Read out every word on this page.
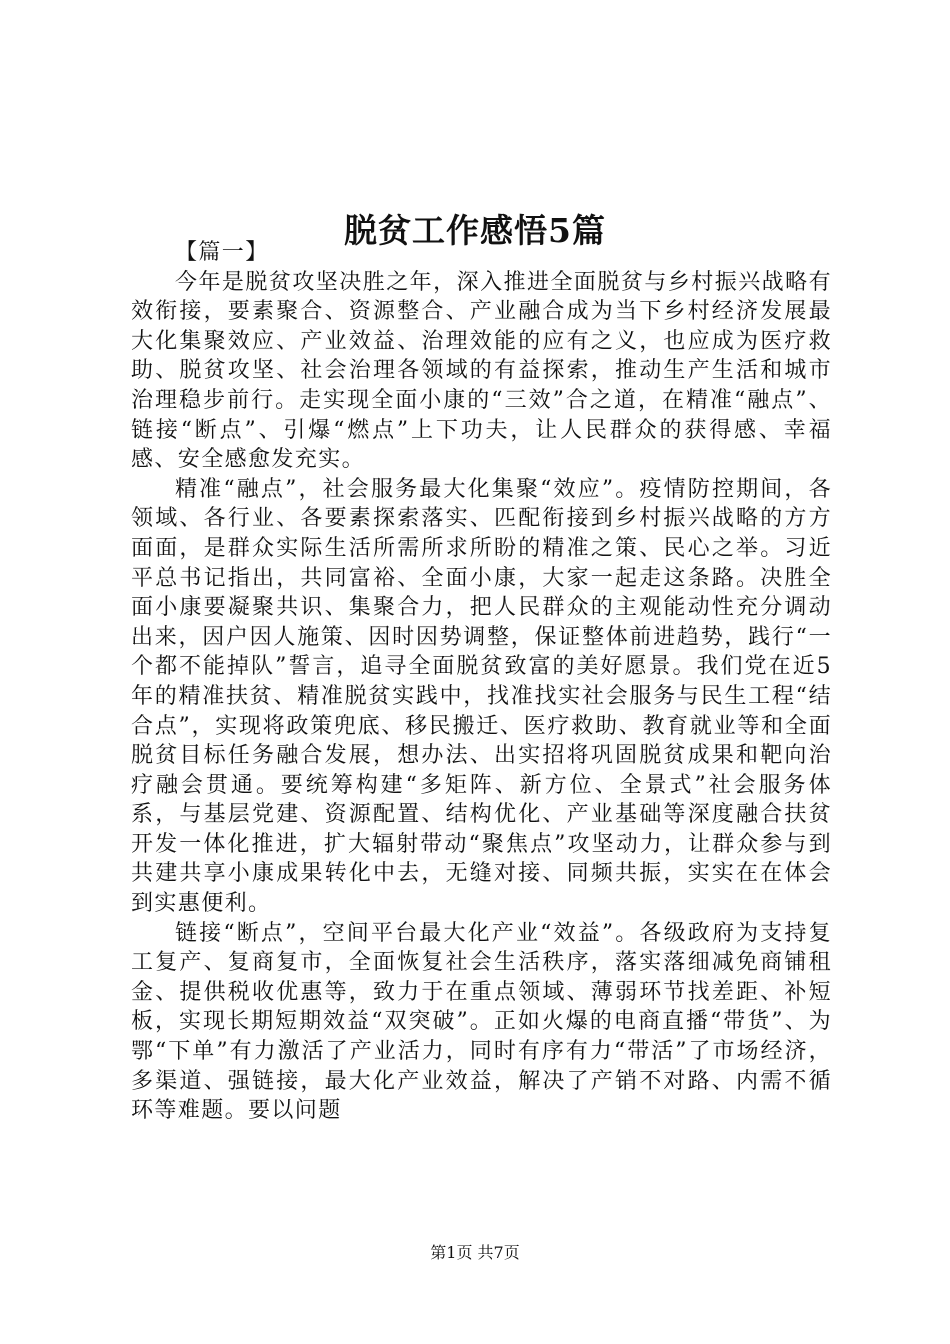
脱贫工作感悟5篇

【篇一】

今年是脱贫攻坚决胜之年，深入推进全面脱贫与乡村振兴战略有效衔接，要素聚合、资源整合、产业融合成为当下乡村经济发展最大化集聚效应、产业效益、治理效能的应有之义，也应成为医疗救助、脱贫攻坚、社会治理各领域的有益探索，推动生产生活和城市治理稳步前行。走实现全面小康的“三效”合之道，在精准“融点”、链接“断点”、引爆“燃点”上下功夫，让人民群众的获得感、幸福感、安全感愈发充实。

精准“融点”，社会服务最大化集聚“效应”。疫情防控期间，各领域、各行业、各要素探索落实、匹配衔接到乡村振兴战略的方方面面，是群众实际生活所需所求所盼的精准之策、民心之举。习近平总书记指出，共同富裕、全面小康，大家一起走这条路。决胜全面小康要凝聚共识、集聚合力，把人民群众的主观能动性充分调动出来，因户因人施策、因时因势调整，保证整体前进趋势，践行“一个都不能掉队”誓言，追寻全面脱贫致富的美好愿景。我们党在近5年的精准扶贫、精准脱贫实践中，找准找实社会服务与民生工程“结合点”，实现将政策兜底、移民搬迁、医疗救助、教育就业等和全面脱贫目标任务融合发展，想办法、出实招将巩固脱贫成果和靶向治疗融会贯通。要统筹构建“多矩阵、新方位、全景式”社会服务体系，与基层党建、资源配置、结构优化、产业基础等深度融合扶贫开发一体化推进，扩大辐射带动“聚焦点”攻坚动力，让群众参与到共建共享小康成果转化中去，无缝对接、同频共振，实实在在体会到实惠便利。

链接“断点”，空间平台最大化产业“效益”。各级政府为支持复工复产、复商复市，全面恢复社会生活秩序，落实落细减免商铺租金、提供税收优惠等，致力于在重点领域、薄弱环节找差距、补短板，实现长期短期效益“双突破”。正如火爆的电商直播“带货”、为鄂“下单”有力激活了产业活力，同时有序有力“带活”了市场经济，多渠道、强链接，最大化产业效益，解决了产销不对路、内需不循环等难题。要以问题

第1页 共7页
